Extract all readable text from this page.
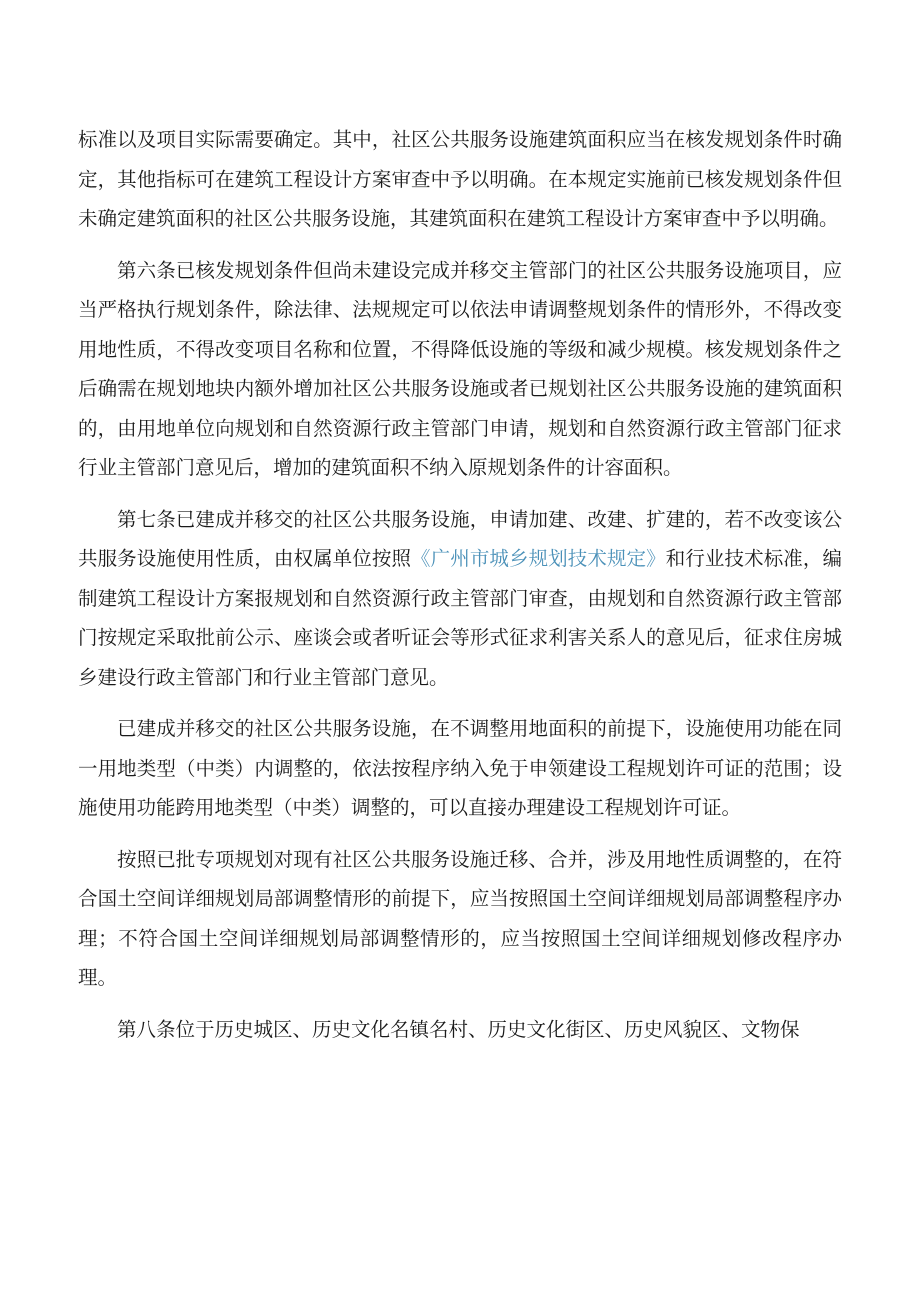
标准以及项目实际需要确定。其中，社区公共服务设施建筑面积应当在核发规划条件时确定，其他指标可在建筑工程设计方案审查中予以明确。在本规定实施前已核发规划条件但未确定建筑面积的社区公共服务设施，其建筑面积在建筑工程设计方案审查中予以明确。

第六条已核发规划条件但尚未建设完成并移交主管部门的社区公共服务设施项目，应当严格执行规划条件，除法律、法规规定可以依法申请调整规划条件的情形外，不得改变用地性质，不得改变项目名称和位置，不得降低设施的等级和减少规模。核发规划条件之后确需在规划地块内额外增加社区公共服务设施或者已规划社区公共服务设施的建筑面积的，由用地单位向规划和自然资源行政主管部门申请，规划和自然资源行政主管部门征求行业主管部门意见后，增加的建筑面积不纳入原规划条件的计容面积。

第七条已建成并移交的社区公共服务设施，申请加建、改建、扩建的，若不改变该公共服务设施使用性质，由权属单位按照《广州市城乡规划技术规定》和行业技术标准，编制建筑工程设计方案报规划和自然资源行政主管部门审查，由规划和自然资源行政主管部门按规定采取批前公示、座谈会或者听证会等形式征求利害关系人的意见后，征求住房城乡建设行政主管部门和行业主管部门意见。

已建成并移交的社区公共服务设施，在不调整用地面积的前提下，设施使用功能在同一用地类型（中类）内调整的，依法按程序纳入免于申领建设工程规划许可证的范围；设施使用功能跨用地类型（中类）调整的，可以直接办理建设工程规划许可证。

按照已批专项规划对现有社区公共服务设施迁移、合并，涉及用地性质调整的，在符合国土空间详细规划局部调整情形的前提下，应当按照国土空间详细规划局部调整程序办理；不符合国土空间详细规划局部调整情形的，应当按照国土空间详细规划修改程序办理。

第八条位于历史城区、历史文化名镇名村、历史文化街区、历史风貌区、文物保
